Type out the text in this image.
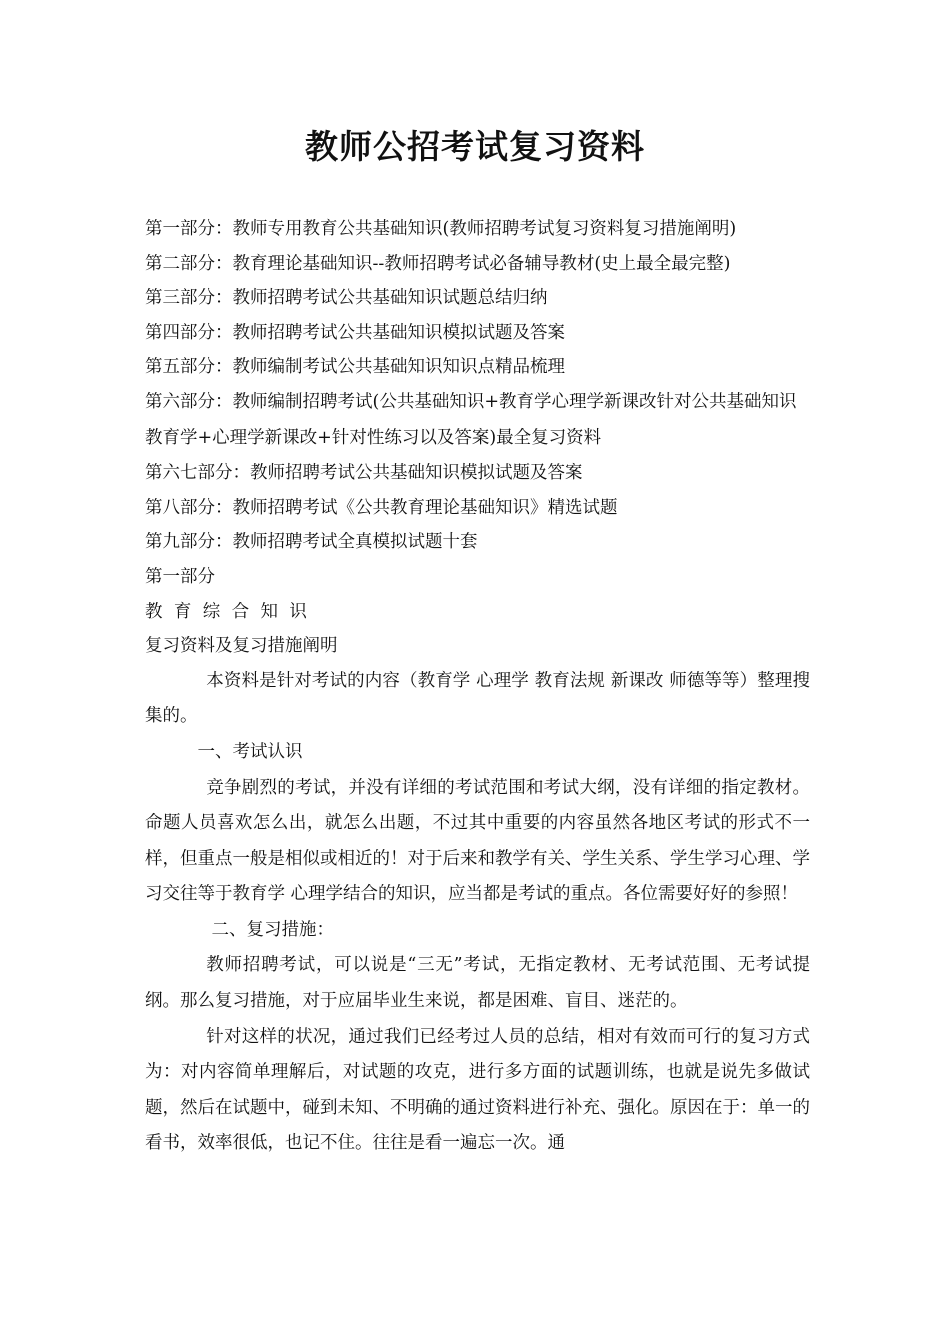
教师公招考试复习资料
第一部分：教师专用教育公共基础知识(教师招聘考试复习资料复习措施阐明)
第二部分：教育理论基础知识--教师招聘考试必备辅导教材(史上最全最完整)
第三部分：教师招聘考试公共基础知识试题总结归纳
第四部分：教师招聘考试公共基础知识模拟试题及答案
第五部分：教师编制考试公共基础知识知识点精品梳理
第六部分：教师编制招聘考试(公共基础知识+教育学心理学新课改针对公共基础知识教育学+心理学新课改+针对性练习以及答案)最全复习资料
第六七部分：教师招聘考试公共基础知识模拟试题及答案
第八部分：教师招聘考试《公共教育理论基础知识》精选试题
第九部分：教师招聘考试全真模拟试题十套
第一部分
教育综合知识
复习资料及复习措施阐明
本资料是针对考试的内容（教育学 心理学 教育法规 新课改 师德等等）整理搜集的。
一、考试认识
竞争剧烈的考试，并没有详细的考试范围和考试大纲，没有详细的指定教材。命题人员喜欢怎么出，就怎么出题，不过其中重要的内容虽然各地区考试的形式不一样，但重点一般是相似或相近的！对于后来和教学有关、学生关系、学生学习心理、学习交往等于教育学 心理学结合的知识，应当都是考试的重点。各位需要好好的参照！
二、复习措施：
教师招聘考试，可以说是“三无”考试，无指定教材、无考试范围、无考试提纲。那么复习措施，对于应届毕业生来说，都是困难、盲目、迷茫的。
针对这样的状况，通过我们已经考过人员的总结，相对有效而可行的复习方式为：对内容简单理解后，对试题的攻克，进行多方面的试题训练，也就是说先多做试题，然后在试题中，碰到未知、不明确的通过资料进行补充、强化。原因在于：单一的看书，效率很低，也记不住。往往是看一遍忘一次。通
